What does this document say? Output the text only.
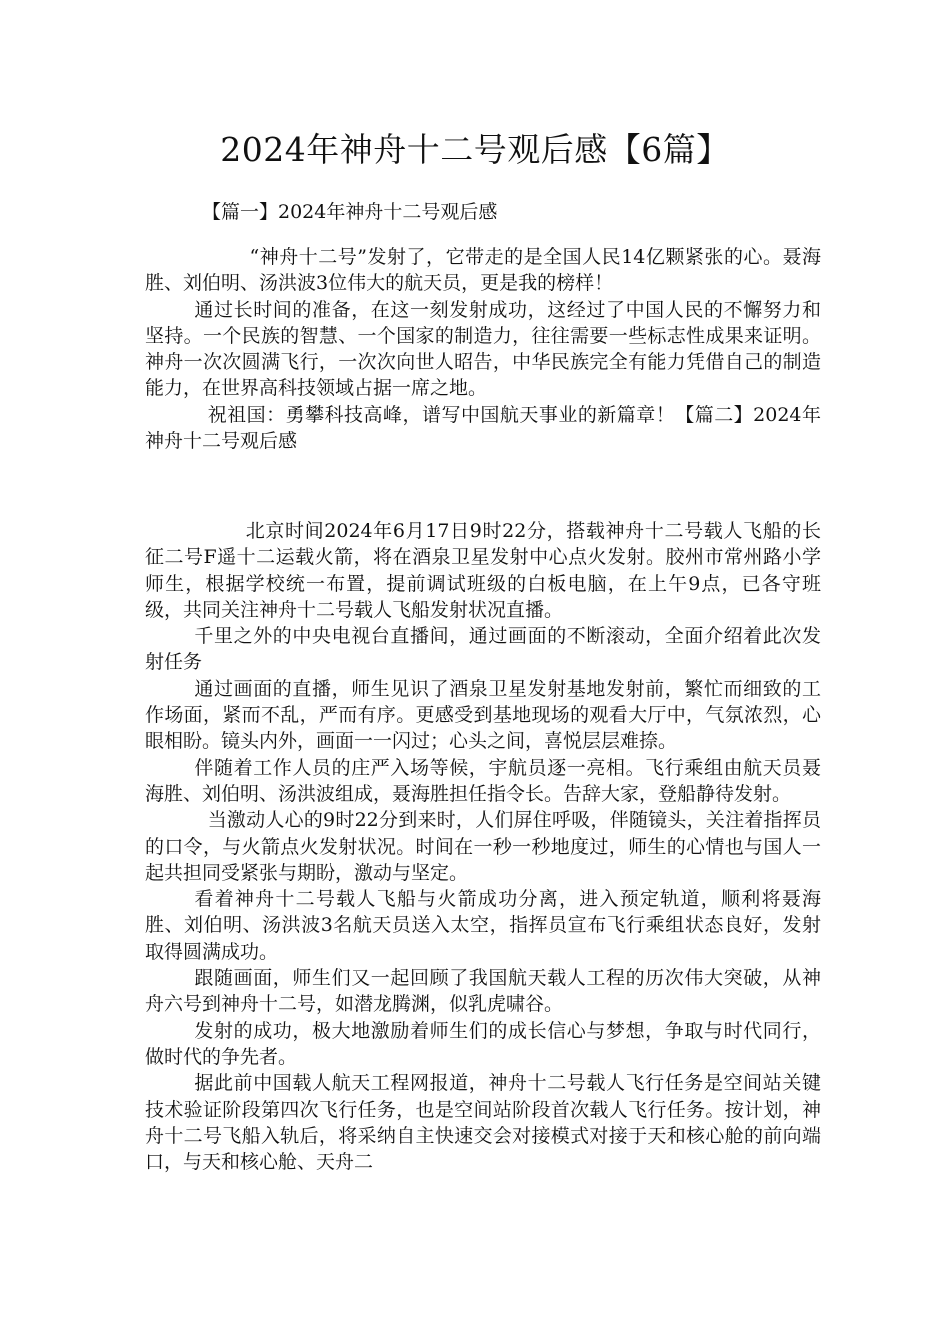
2024年神舟十二号观后感【6篇】
【篇一】2024年神舟十二号观后感

“神舟十二号”发射了，它带走的是全国人民14亿颗紧张的心。聂海胜、刘伯明、汤洪波3位伟大的航天员，更是我的榜样！

通过长时间的准备，在这一刻发射成功，这经过了中国人民的不懈努力和坚持。一个民族的智慧、一个国家的制造力，往往需要一些标志性成果来证明。神舟一次次圆满飞行，一次次向世人昭告，中华民族完全有能力凭借自己的制造能力，在世界高科技领域占据一席之地。

祝祖国：勇攀科技高峰，谱写中国航天事业的新篇章！【篇二】2024年神舟十二号观后感

北京时间2024年6月17日9时22分，搭载神舟十二号载人飞船的长征二号F遥十二运载火箭，将在酒泉卫星发射中心点火发射。胶州市常州路小学师生，根据学校统一布置，提前调试班级的白板电脑，在上午9点，已各守班级，共同关注神舟十二号载人飞船发射状况直播。

千里之外的中央电视台直播间，通过画面的不断滚动，全面介绍着此次发射任务

通过画面的直播，师生见识了酒泉卫星发射基地发射前，繁忙而细致的工作场面，紧而不乱，严而有序。更感受到基地现场的观看大厅中，气氛浓烈，心眼相盼。镜头内外，画面一一闪过；心头之间，喜悦层层难捺。

伴随着工作人员的庄严入场等候，宇航员逐一亮相。飞行乘组由航天员聂海胜、刘伯明、汤洪波组成，聂海胜担任指令长。告辞大家，登船静待发射。

当激动人心的9时22分到来时，人们屏住呼吸，伴随镜头，关注着指挥员的口令，与火箭点火发射状况。时间在一秒一秒地度过，师生的心情也与国人一起共担同受紧张与期盼，激动与坚定。

看着神舟十二号载人飞船与火箭成功分离，进入预定轨道，顺利将聂海胜、刘伯明、汤洪波3名航天员送入太空，指挥员宣布飞行乘组状态良好，发射取得圆满成功。

跟随画面，师生们又一起回顾了我国航天载人工程的历次伟大突破，从神舟六号到神舟十二号，如潜龙腾渊，似乳虎啸谷。

发射的成功，极大地激励着师生们的成长信心与梦想，争取与时代同行，做时代的争先者。

据此前中国载人航天工程网报道，神舟十二号载人飞行任务是空间站关键技术验证阶段第四次飞行任务，也是空间站阶段首次载人飞行任务。按计划，神舟十二号飞船入轨后，将采纳自主快速交会对接模式对接于天和核心舱的前向端口，与天和核心舱、天舟二
